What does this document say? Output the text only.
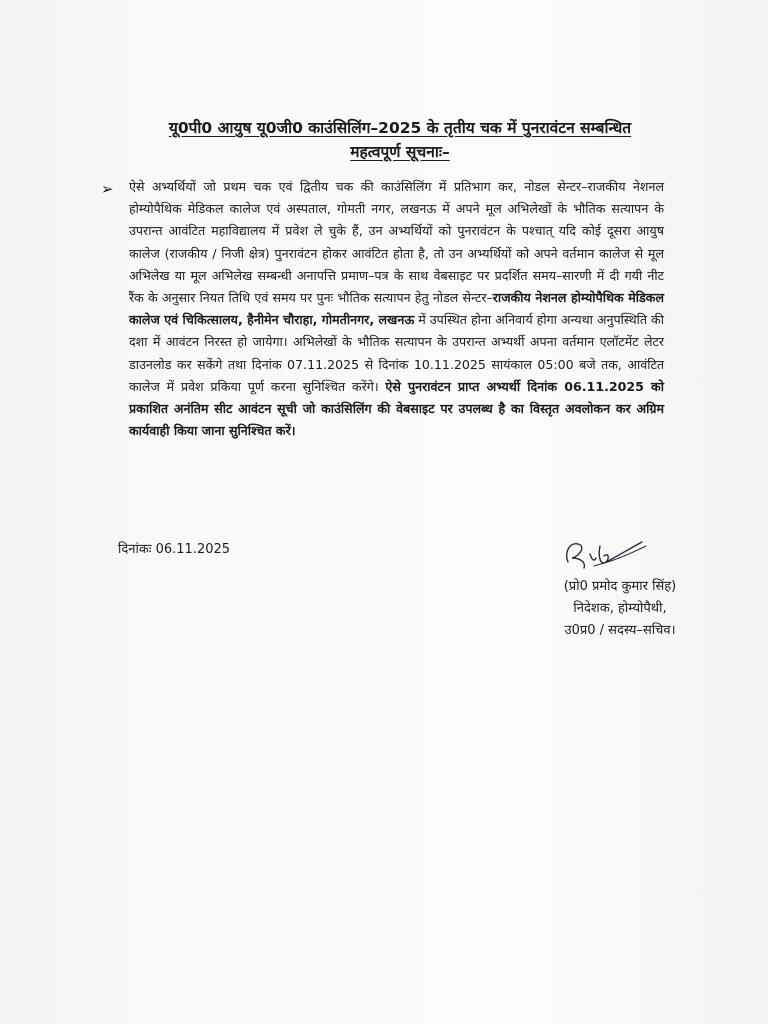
यू0पी0 आयुष यू0जी0 काउंसिलिंग–2025 के तृतीय चक में पुनरावंटन सम्बन्धित
महत्वपूर्ण सूचनाः–
➢ ऐसे अभ्यर्थियों जो प्रथम चक एवं द्वितीय चक की काउंसिलिंग में प्रतिभाग कर, नोडल सेन्टर–राजकीय नेशनल होम्योपैथिक मेडिकल कालेज एवं अस्पताल, गोमती नगर, लखनऊ में अपने मूल अभिलेखों के भौतिक सत्यापन के उपरान्त आवंटित महाविद्यालय में प्रवेश ले चुके हैं, उन अभ्यर्थियों को पुनरावंटन के पश्चात् यदि कोई दूसरा आयुष कालेज (राजकीय / निजी क्षेत्र) पुनरावंटन होकर आवंटित होता है, तो उन अभ्यर्थियों को अपने वर्तमान कालेज से मूल अभिलेख या मूल अभिलेख सम्बन्धी अनापत्ति प्रमाण–पत्र के साथ वेबसाइट पर प्रदर्शित समय–सारणी में दी गयी नीट रैंक के अनुसार नियत तिथि एवं समय पर पुनः भौतिक सत्यापन हेतु नोडल सेन्टर–राजकीय नेशनल होम्योपैथिक मेडिकल कालेज एवं चिकित्सालय, हैनीमेन चौराहा, गोमतीनगर, लखनऊ में उपस्थित होना अनिवार्य होगा अन्यथा अनुपस्थिति की दशा में आवंटन निरस्त हो जायेगा। अभिलेखों के भौतिक सत्यापन के उपरान्त अभ्यर्थी अपना वर्तमान एलॉटमेंट लेटर डाउनलोड कर सकेंगे तथा दिनांक 07.11.2025 से दिनांक 10.11.2025 सायंकाल 05:00 बजे तक, आवंटित कालेज में प्रवेश प्रकिया पूर्ण करना सुनिश्चित करेंगे। ऐसे पुनरावंटन प्राप्त अभ्यर्थी दिनांक 06.11.2025 को प्रकाशित अनंतिम सीट आवंटन सूची जो काउंसिलिंग की वेबसाइट पर उपलब्ध है का विस्तृत अवलोकन कर अग्रिम कार्यवाही किया जाना सुनिश्चित करें।
दिनांकः 06.11.2025
(प्रो0 प्रमोद कुमार सिंह)
निदेशक, होम्योपैथी,
उ0प्र0 / सदस्य–सचिव।
